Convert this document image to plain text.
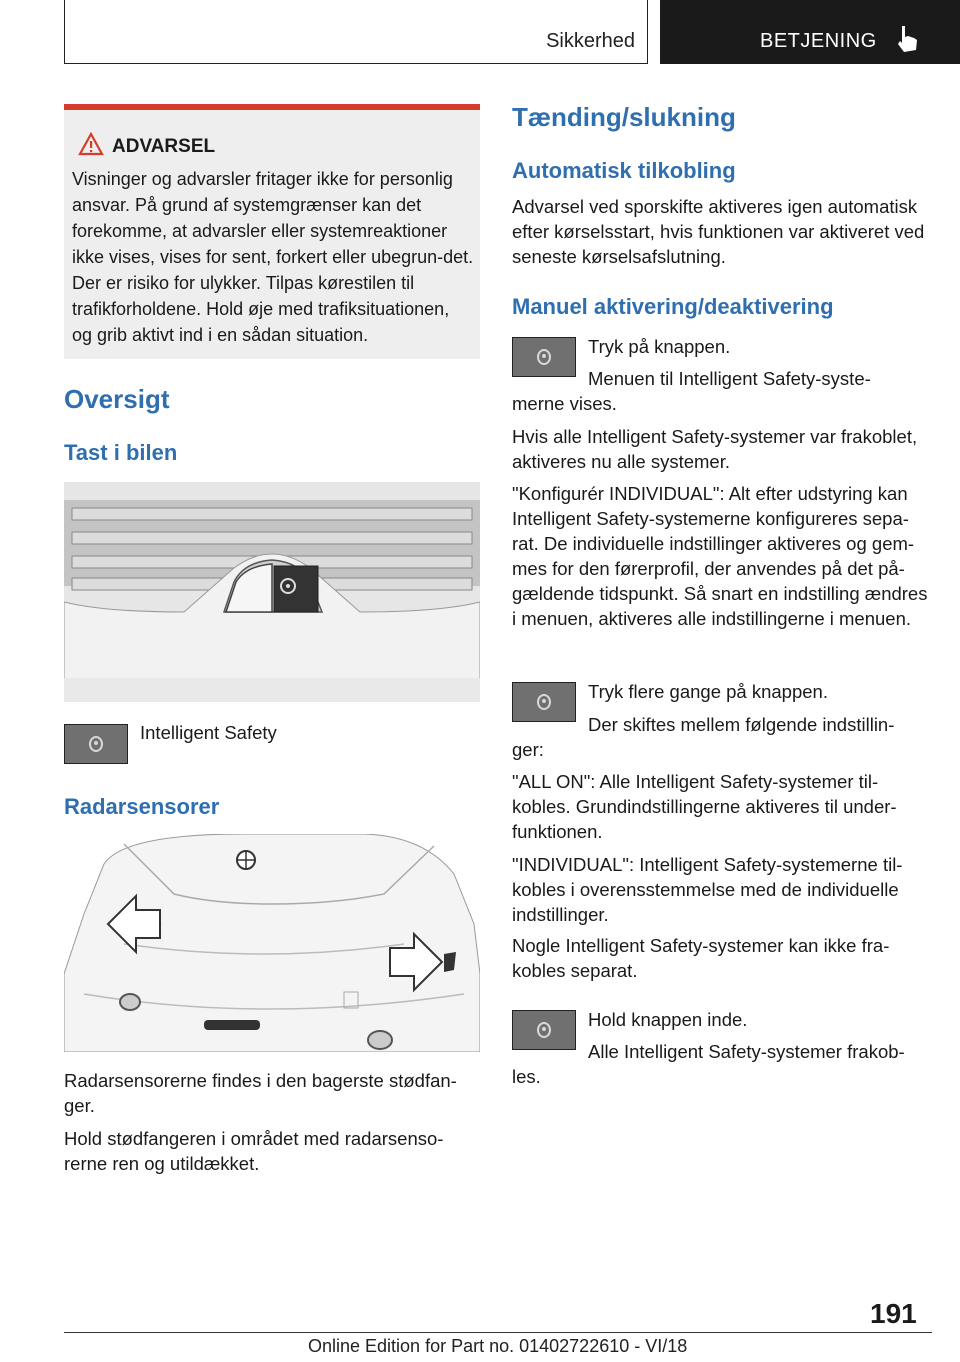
Sikkerhed	BETJENING
ADVARSEL
Visninger og advarsler fritager ikke for personlig ansvar. På grund af systemgrænser kan det forekomme, at advarsler eller systemreaktioner ikke vises, vises for sent, forkert eller ubegrun-det. Der er risiko for ulykker. Tilpas kørestilen til trafikforholdene. Hold øje med trafiksituationen, og grib aktivt ind i en sådan situation.
Oversigt
Tast i bilen
Intelligent Safety
Radarsensorer

Radarsensorerne findes i den bagerste stødfan-ger.

Hold stødfangeren i området med radarsenso-rerne ren og utildækket.

Tænding/slukning
Automatisk tilkobling

Advarsel ved sporskifte aktiveres igen automatisk efter kørselsstart, hvis funktionen var aktiveret ved seneste kørselsafslutning.

Manuel aktivering/deaktivering
Tryk på knappen.
Menuen til Intelligent Safety-syste-
merne vises.

Hvis alle Intelligent Safety-systemer var frakoblet, aktiveres nu alle systemer.

"Konfigurér INDIVIDUAL": Alt efter udstyring kan Intelligent Safety-systemerne konfigureres sepa-rat. De individuelle indstillinger aktiveres og gem-mes for den førerprofil, der anvendes på det på-gældende tidspunkt. Så snart en indstilling ændres i menuen, aktiveres alle indstillingerne i menuen.

Tryk flere gange på knappen.
Der skiftes mellem følgende indstillin-
ger:

"ALL ON": Alle Intelligent Safety-systemer til-kobles. Grundindstillingerne aktiveres til under-funktionen.

"INDIVIDUAL": Intelligent Safety-systemerne til-kobles i overensstemmelse med de individuelle indstillinger.

Nogle Intelligent Safety-systemer kan ikke fra-kobles separat.

Hold knappen inde.
Alle Intelligent Safety-systemer frakob-
les.
191
Online Edition for Part no. 01402722610 - VI/18
